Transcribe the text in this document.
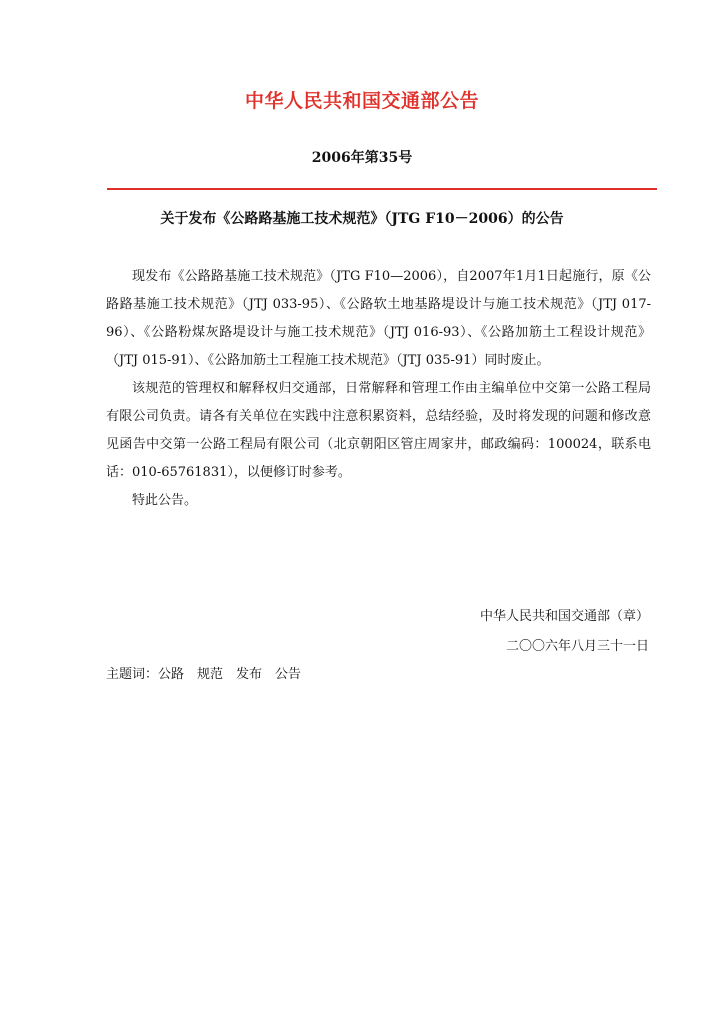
中华人民共和国交通部公告
2006年第35号
关于发布《公路路基施工技术规范》（JTG F10－2006）的公告

现发布《公路路基施工技术规范》（JTG F10—2006），自2007年1月1日起施行，原《公路路基施工技术规范》（JTJ 033-95）、《公路软土地基路堤设计与施工技术规范》（JTJ 017-96）、《公路粉煤灰路堤设计与施工技术规范》（JTJ 016-93）、《公路加筋土工程设计规范》（JTJ 015-91）、《公路加筋土工程施工技术规范》（JTJ 035-91）同时废止。

该规范的管理权和解释权归交通部，日常解释和管理工作由主编单位中交第一公路工程局有限公司负责。请各有关单位在实践中注意积累资料，总结经验，及时将发现的问题和修改意见函告中交第一公路工程局有限公司（北京朝阳区管庄周家井，邮政编码：100024，联系电话：010-65761831），以便修订时参考。

特此公告。

中华人民共和国交通部（章）
二〇〇六年八月三十一日
主题词：公路　规范　发布　公告
